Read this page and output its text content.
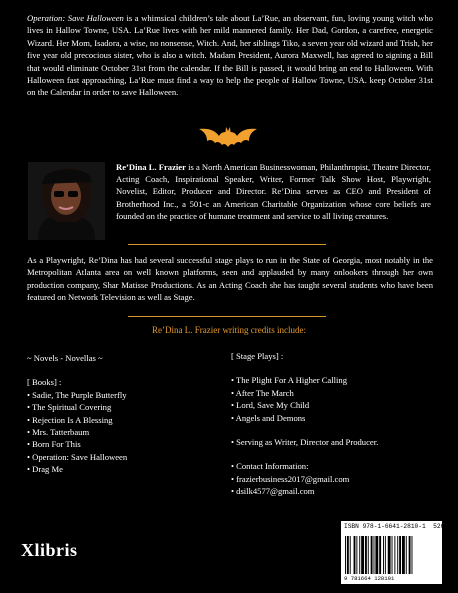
Operation: Save Halloween is a whimsical children’s tale about La’Rue, an observant, fun, loving young witch who lives in Hallow Towne, USA. La’Rue lives with her mild mannered family. Her Dad, Gordon, a carefree, energetic Wizard. Her Mom, Isadora, a wise, no nonsense, Witch. And, her siblings Tiko, a seven year old wizard and Trish, her five year old precocious sister, who is also a witch. Madam President, Aurora Maxwell, has agreed to signing a Bill that would eliminate October 31st from the calendar. If the Bill is passed, it would bring an end to Halloween. With Halloween fast approaching, La’Rue must find a way to help the people of Hallow Towne, USA. keep October 31st on the Calendar in order to save Halloween.
Re’Dina L. Frazier is a North American Businesswoman, Philanthropist, Theatre Director, Acting Coach, Inspirational Speaker, Writer, Former Talk Show Host, Playwright, Novelist, Editor, Producer and Director. Re’Dina serves as CEO and President of Brotherhood Inc., a 501-c an American Charitable Organization whose core beliefs are founded on the practice of humane treatment and service to all living creatures.
As a Playwright, Re’Dina has had several successful stage plays to run in the State of Georgia, most notably in the Metropolitan Atlanta area on well known platforms, seen and applauded by many onlookers through her own production company, Shar Matisse Productions. As an Acting Coach she has taught several students who have been featured on Network Television as well as Stage.
Re’Dina L. Frazier writing credits include:
~ Novels - Novellas ~
[ Books] :
• Sadie, The Purple Butterfly
• The Spiritual Covering
• Rejection Is A Blessing
• Mrs. Tatterbaum
• Born For This
• Operation: Save Halloween
• Drag Me
[ Stage Plays] :
• The Plight For A Higher Calling
• After The March
• Lord, Save My Child
• Angels and Demons
• Serving as Writer, Director and Producer.
• Contact Information:
• frazierbusiness2017@gmail.com
• dsilk4577@gmail.com
Xlibris
ISBN 978-1-6641-2810-1 52699
9 781664 128101
